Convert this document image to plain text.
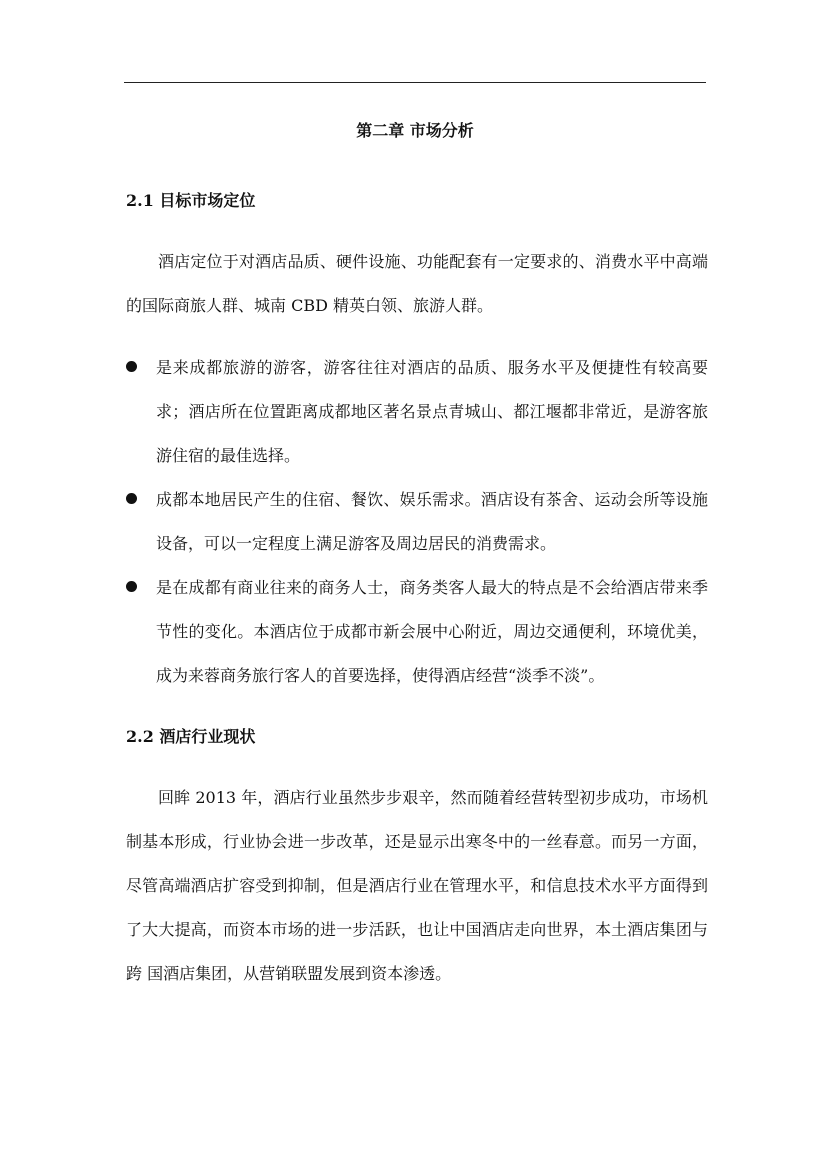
第二章 市场分析
2.1 目标市场定位

酒店定位于对酒店品质、硬件设施、功能配套有一定要求的、消费水平中高端的国际商旅人群、城南 CBD 精英白领、旅游人群。

是来成都旅游的游客，游客往往对酒店的品质、服务水平及便捷性有较高要求；酒店所在位置距离成都地区著名景点青城山、都江堰都非常近，是游客旅游住宿的最佳选择。

成都本地居民产生的住宿、餐饮、娱乐需求。酒店设有茶舍、运动会所等设施设备，可以一定程度上满足游客及周边居民的消费需求。

是在成都有商业往来的商务人士，商务类客人最大的特点是不会给酒店带来季节性的变化。本酒店位于成都市新会展中心附近，周边交通便利，环境优美，成为来蓉商务旅行客人的首要选择，使得酒店经营“淡季不淡”。

2.2 酒店行业现状

回眸 2013 年，酒店行业虽然步步艰辛，然而随着经营转型初步成功，市场机制基本形成，行业协会进一步改革，还是显示出寒冬中的一丝春意。而另一方面，尽管高端酒店扩容受到抑制，但是酒店行业在管理水平，和信息技术水平方面得到了大大提高，而资本市场的进一步活跃，也让中国酒店走向世界，本土酒店集团与跨 国酒店集团，从营销联盟发展到资本渗透。
